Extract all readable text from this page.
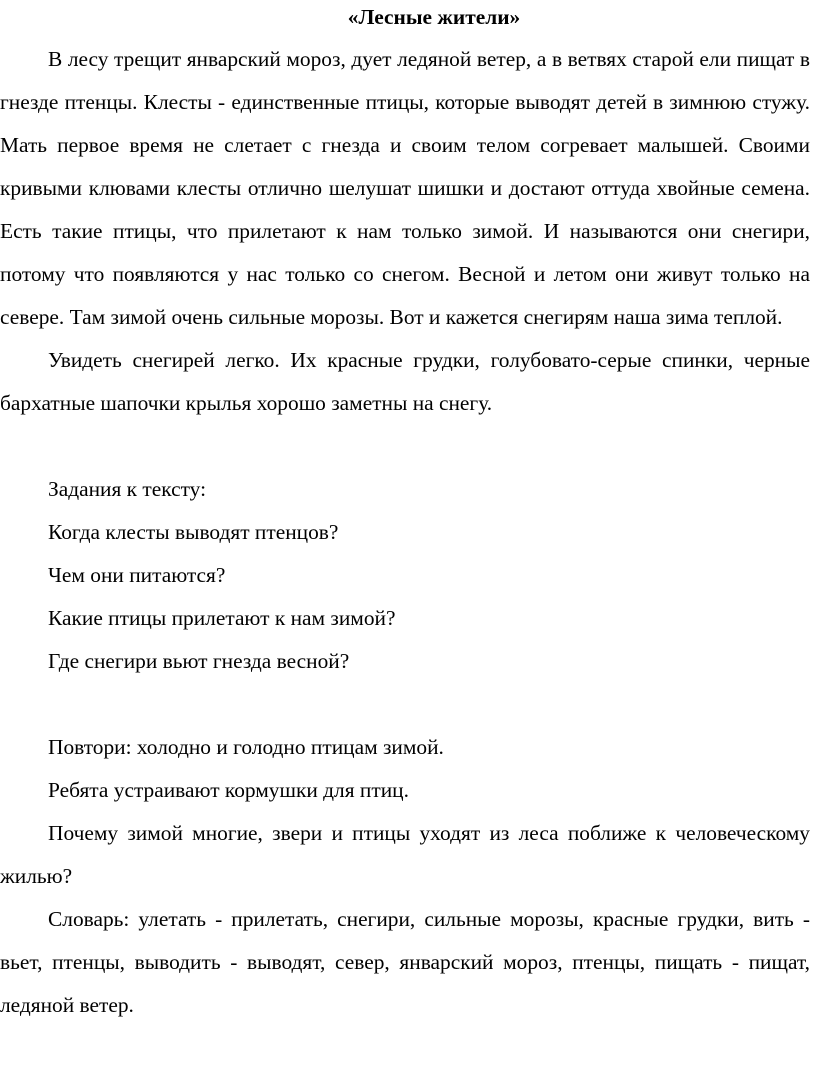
«Лесные жители»

В лесу трещит январский мороз, дует ледяной ветер, а в ветвях старой ели пищат в гнезде птенцы. Клесты - единственные птицы, которые выводят детей в зимнюю стужу. Мать первое время не слетает с гнезда и своим телом согревает малышей. Своими кривыми клювами клесты отлично шелушат шишки и достают оттуда хвойные семена. Есть такие птицы, что прилетают к нам только зимой. И называются они снегири, потому что появляются у нас только со снегом. Весной и летом они живут только на севере. Там зимой очень сильные морозы. Вот и кажется снегирям наша зима теплой.

Увидеть снегирей легко. Их красные грудки, голубовато-серые спинки, черные бархатные шапочки крылья хорошо заметны на снегу.

Задания к тексту:

Когда клесты выводят птенцов?

Чем они питаются?

Какие птицы прилетают к нам зимой?

Где снегири вьют гнезда весной?

Повтори: холодно и голодно птицам зимой.

Ребята устраивают кормушки для птиц.

Почему зимой многие, звери и птицы уходят из леса поближе к человеческому жилью?

Словарь: улетать - прилетать, снегири, сильные морозы, красные грудки, вить - вьет, птенцы, выводить - выводят, север, январский мороз, птенцы, пищать - пищат, ледяной ветер.
